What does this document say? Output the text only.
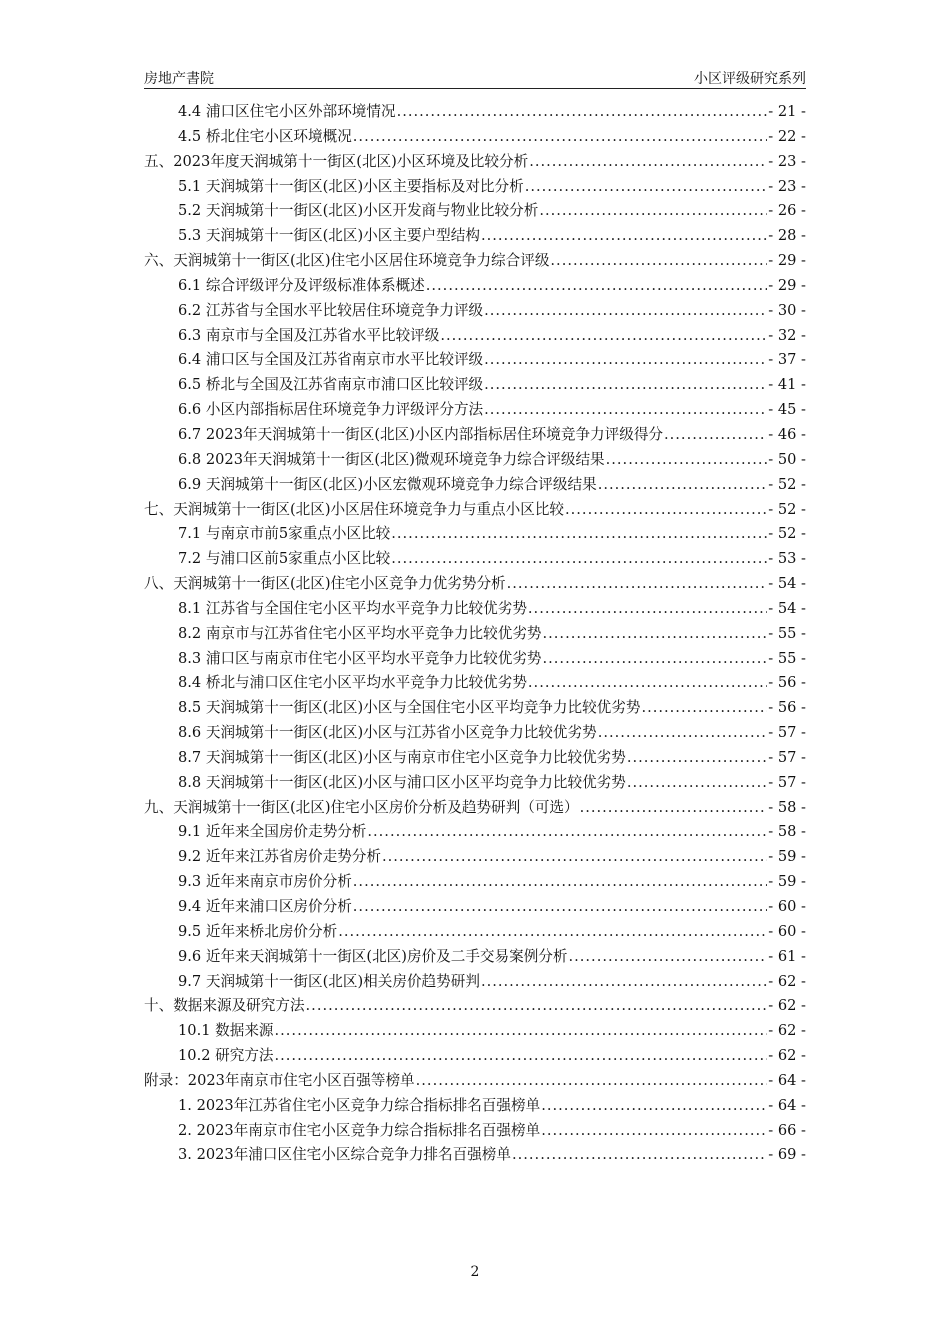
房地产書院	小区评级研究系列
4.4 浦口区住宅小区外部环境情况 .....	- 21 -
4.5 桥北住宅小区环境概况 .....	- 22 -
五、2023年度天润城第十一街区(北区)小区环境及比较分析 .....	- 23 -
5.1 天润城第十一街区(北区)小区主要指标及对比分析 .....	- 23 -
5.2 天润城第十一街区(北区)小区开发商与物业比较分析 .....	- 26 -
5.3 天润城第十一街区(北区)小区主要户型结构 .....	- 28 -
六、天润城第十一街区(北区)住宅小区居住环境竞争力综合评级 .....	- 29 -
6.1 综合评级评分及评级标准体系概述 .....	- 29 -
6.2 江苏省与全国水平比较居住环境竞争力评级 .....	- 30 -
6.3 南京市与全国及江苏省水平比较评级 .....	- 32 -
6.4 浦口区与全国及江苏省南京市水平比较评级 .....	- 37 -
6.5 桥北与全国及江苏省南京市浦口区比较评级 .....	- 41 -
6.6 小区内部指标居住环境竞争力评级评分方法 .....	- 45 -
6.7 2023年天润城第十一街区(北区)小区内部指标居住环境竞争力评级得分 .....	- 46 -
6.8 2023年天润城第十一街区(北区)微观环境竞争力综合评级结果 .....	- 50 -
6.9 天润城第十一街区(北区)小区宏微观环境竞争力综合评级结果 .....	- 52 -
七、天润城第十一街区(北区)小区居住环境竞争力与重点小区比较 .....	- 52 -
7.1 与南京市前5家重点小区比较 .....	- 52 -
7.2 与浦口区前5家重点小区比较 .....	- 53 -
八、天润城第十一街区(北区)住宅小区竞争力优劣势分析 .....	- 54 -
8.1 江苏省与全国住宅小区平均水平竞争力比较优劣势 .....	- 54 -
8.2 南京市与江苏省住宅小区平均水平竞争力比较优劣势 .....	- 55 -
8.3 浦口区与南京市住宅小区平均水平竞争力比较优劣势 .....	- 55 -
8.4 桥北与浦口区住宅小区平均水平竞争力比较优劣势 .....	- 56 -
8.5 天润城第十一街区(北区)小区与全国住宅小区平均竞争力比较优劣势 .....	- 56 -
8.6 天润城第十一街区(北区)小区与江苏省小区竞争力比较优劣势 .....	- 57 -
8.7 天润城第十一街区(北区)小区与南京市住宅小区竞争力比较优劣势 .....	- 57 -
8.8 天润城第十一街区(北区)小区与浦口区小区平均竞争力比较优劣势 .....	- 57 -
九、天润城第十一街区(北区)住宅小区房价分析及趋势研判（可选） .....	- 58 -
9.1 近年来全国房价走势分析 .....	- 58 -
9.2 近年来江苏省房价走势分析 .....	- 59 -
9.3 近年来南京市房价分析 .....	- 59 -
9.4 近年来浦口区房价分析 .....	- 60 -
9.5 近年来桥北房价分析 .....	- 60 -
9.6 近年来天润城第十一街区(北区)房价及二手交易案例分析 .....	- 61 -
9.7 天润城第十一街区(北区)相关房价趋势研判 .....	- 62 -
十、数据来源及研究方法 .....	- 62 -
10.1 数据来源 .....	- 62 -
10.2 研究方法 .....	- 62 -
附录：2023年南京市住宅小区百强等榜单 .....	- 64 -
1. 2023年江苏省住宅小区竞争力综合指标排名百强榜单 .....	- 64 -
2. 2023年南京市住宅小区竞争力综合指标排名百强榜单 .....	- 66 -
3. 2023年浦口区住宅小区综合竞争力排名百强榜单 .....	- 69 -
2
